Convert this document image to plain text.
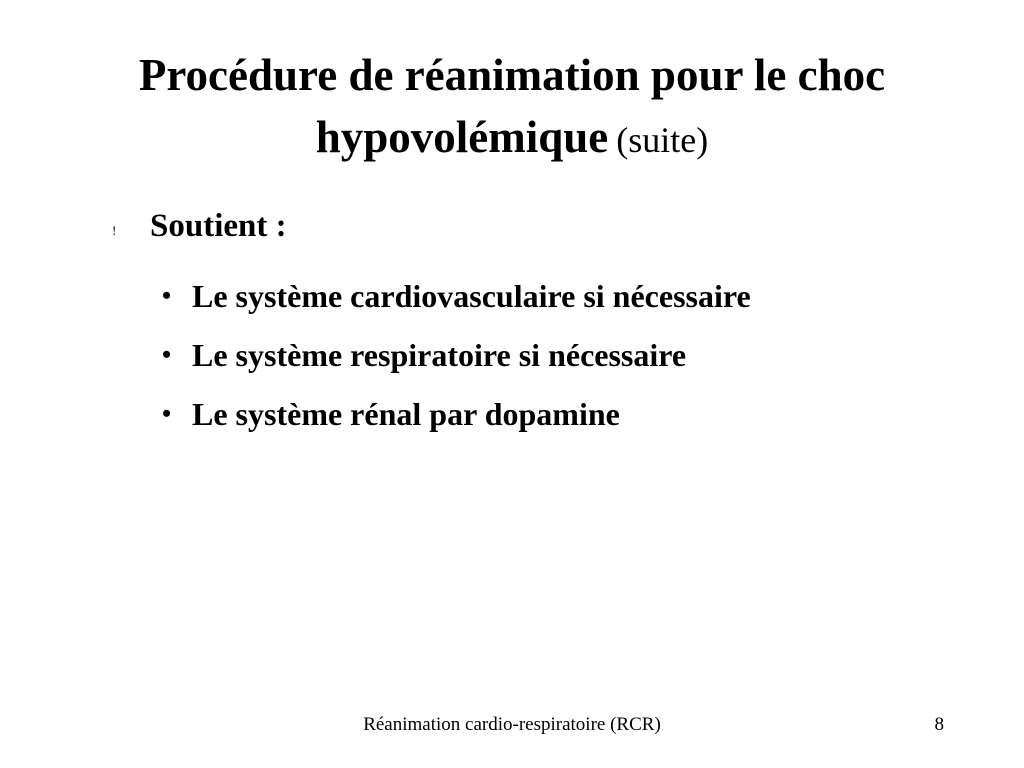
Procédure de réanimation pour le choc hypovolémique (suite)
!	Soutient :
• Le système cardiovasculaire si nécessaire
• Le système respiratoire si nécessaire
• Le système rénal par dopamine
Réanimation cardio-respiratoire (RCR)	8
